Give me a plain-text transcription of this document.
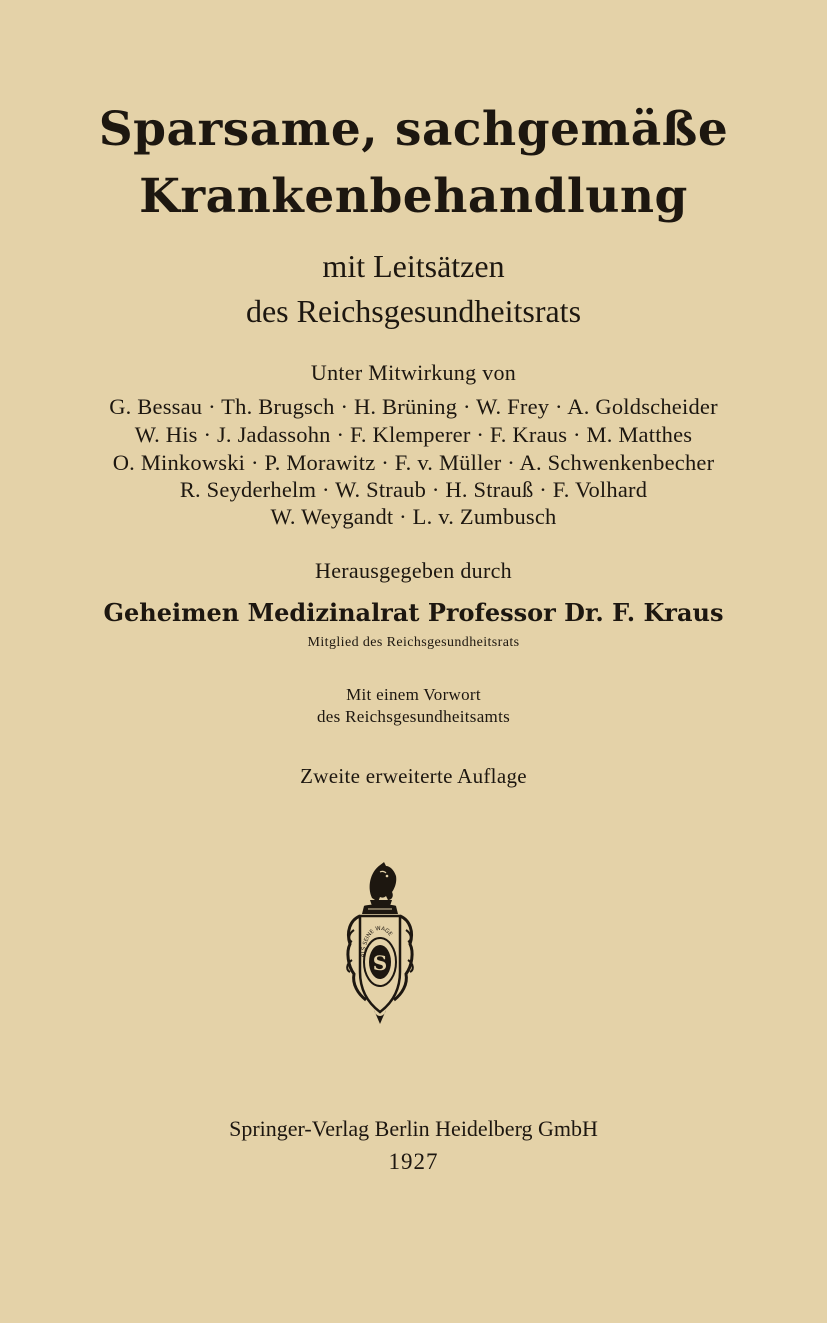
Sparsame, sachgemäße
Krankenbehandlung
mit Leitsätzen
des Reichsgesundheitsrats
Unter Mitwirkung von
G. Bessau · Th. Brugsch · H. Brüning · W. Frey · A. Goldscheider
W. His · J. Jadassohn · F. Klemperer · F. Kraus · M. Matthes
O. Minkowski · P. Morawitz · F. v. Müller · A. Schwenkenbecher
R. Seyderhelm · W. Straub · H. Strauß · F. Volhard
W. Weygandt · L. v. Zumbusch
Herausgegeben durch
Geheimen Medizinalrat Professor Dr. F. Kraus
Mitglied des Reichsgesundheitsrats
Mit einem Vorwort
des Reichsgesundheitsamts
Zweite erweiterte Auflage
S
ALS SEINE WAGE
Springer-Verlag Berlin Heidelberg GmbH
1927
